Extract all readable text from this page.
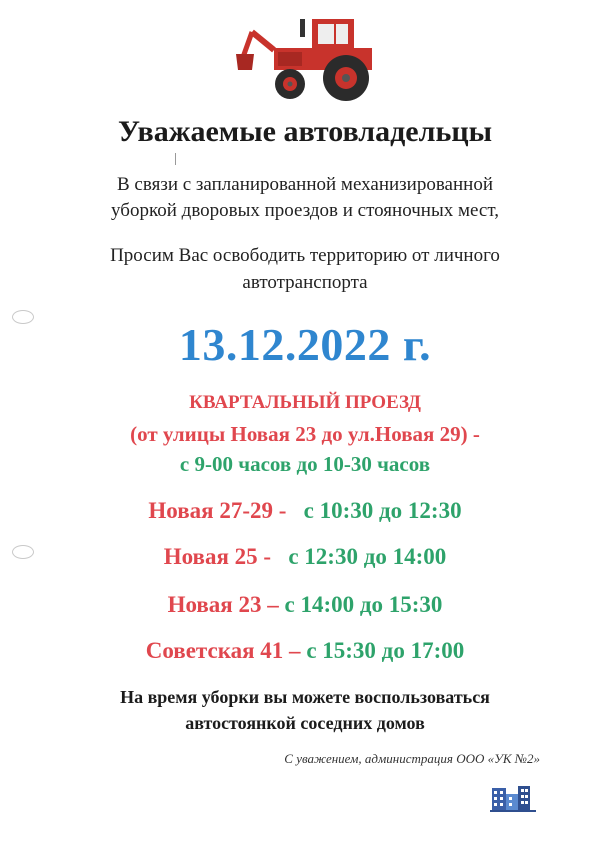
Уважаемые автовладельцы
В связи с запланированной механизированной
уборкой дворовых проездов и стояночных мест,
Просим Вас освободить территорию от личного
автотранспорта
13.12.2022 г.
КВАРТАЛЬНЫЙ ПРОЕЗД
(от улицы Новая 23 до ул.Новая 29) -
с 9-00 часов до 10-30 часов
Новая 27-29 - с 10:30 до 12:30
Новая 25 - с 12:30 до 14:00
Новая 23 – с 14:00 до 15:30
Советская 41 – с 15:30 до 17:00
На время уборки вы можете воспользоваться
автостоянкой соседних домов
С уважением, администрация ООО «УК №2»
